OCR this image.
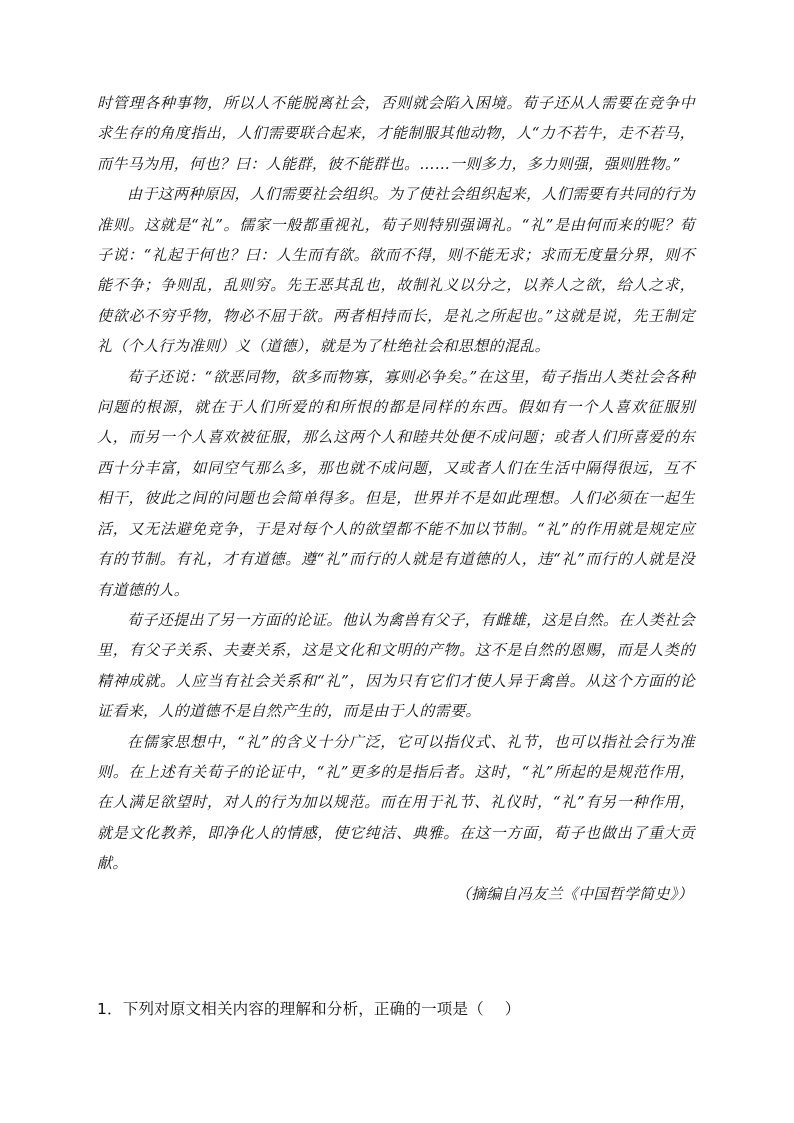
时管理各种事物，所以人不能脱离社会，否则就会陷入困境。荀子还从人需要在竞争中求生存的角度指出，人们需要联合起来，才能制服其他动物，人“力不若牛，走不若马，而牛马为用，何也？曰：人能群，彼不能群也。……一则多力，多力则强，强则胜物。”

由于这两种原因，人们需要社会组织。为了使社会组织起来，人们需要有共同的行为准则。这就是“礼”。儒家一般都重视礼，荀子则特别强调礼。“礼”是由何而来的呢？荀子说：“礼起于何也？曰：人生而有欲。欲而不得，则不能无求；求而无度量分界，则不能不争；争则乱，乱则穷。先王恶其乱也，故制礼义以分之，以养人之欲，给人之求，使欲必不穷乎物，物必不屈于欲。两者相持而长，是礼之所起也。”这就是说，先王制定礼（个人行为准则）义（道德），就是为了杜绝社会和思想的混乱。

荀子还说：“欲恶同物，欲多而物寡，寡则必争矣。”在这里，荀子指出人类社会各种问题的根源，就在于人们所爱的和所恨的都是同样的东西。假如有一个人喜欢征服别人，而另一个人喜欢被征服，那么这两个人和睦共处便不成问题；或者人们所喜爱的东西十分丰富，如同空气那么多，那也就不成问题，又或者人们在生活中隔得很远，互不相干，彼此之间的问题也会简单得多。但是，世界并不是如此理想。人们必须在一起生活，又无法避免竞争，于是对每个人的欲望都不能不加以节制。“礼”的作用就是规定应有的节制。有礼，才有道德。遵“礼”而行的人就是有道德的人，违“礼”而行的人就是没有道德的人。

荀子还提出了另一方面的论证。他认为禽兽有父子，有雌雄，这是自然。在人类社会里，有父子关系、夫妻关系，这是文化和文明的产物。这不是自然的恩赐，而是人类的精神成就。人应当有社会关系和“礼”，因为只有它们才使人异于禽兽。从这个方面的论证看来，人的道德不是自然产生的，而是由于人的需要。

在儒家思想中，“礼”的含义十分广泛，它可以指仪式、礼节，也可以指社会行为准则。在上述有关荀子的论证中，“礼”更多的是指后者。这时，“礼”所起的是规范作用，在人满足欲望时，对人的行为加以规范。而在用于礼节、礼仪时，“礼”有另一种作用，就是文化教养，即净化人的情感，使它纯洁、典雅。在这一方面，荀子也做出了重大贡献。

（摘编自冯友兰《中国哲学简史》）

1．下列对原文相关内容的理解和分析，正确的一项是（　 ）
